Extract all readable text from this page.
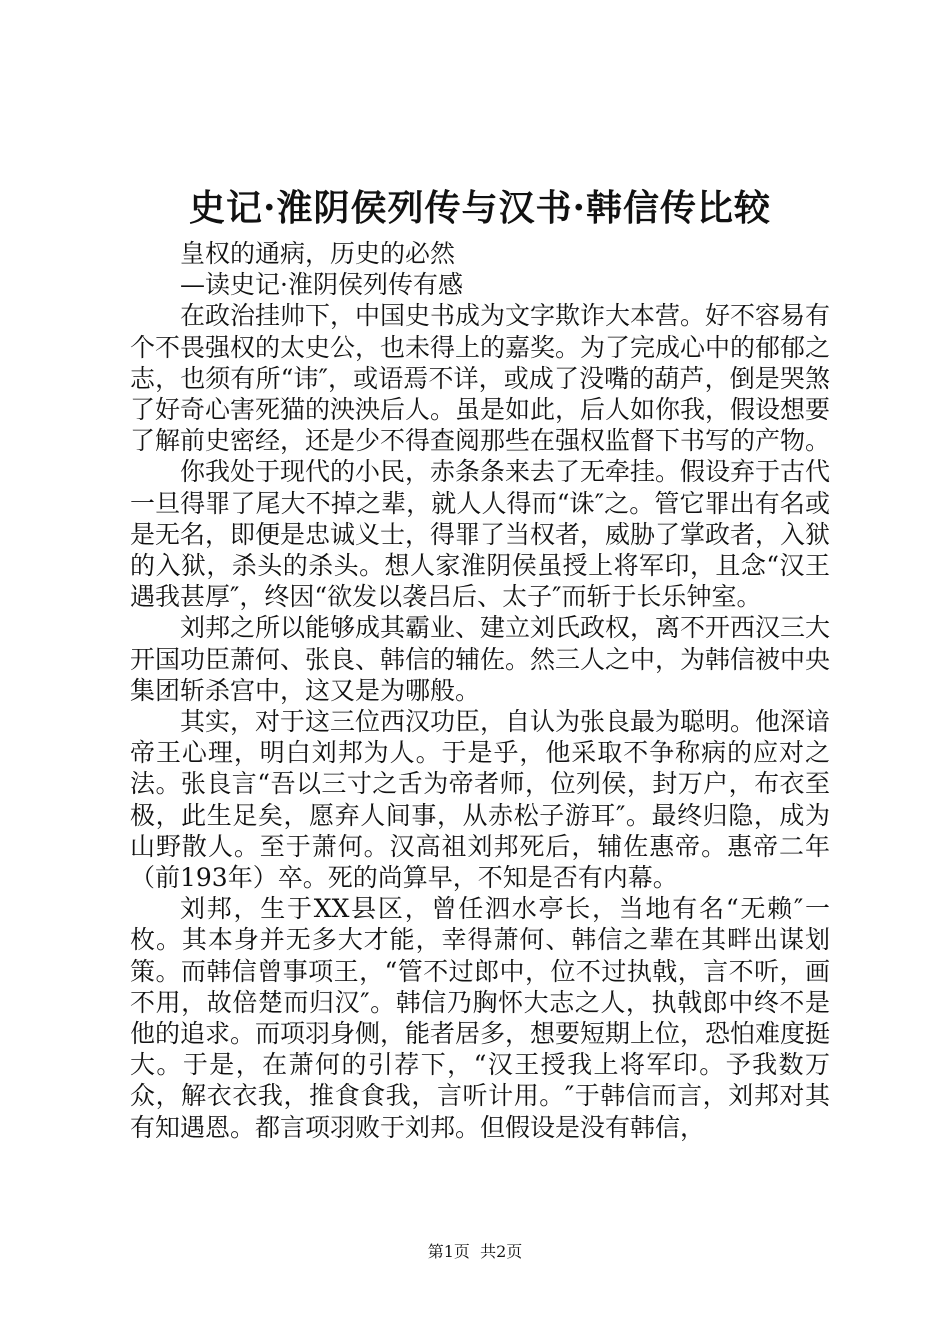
史记·淮阴侯列传与汉书·韩信传比较

皇权的通病，历史的必然

—读史记·淮阴侯列传有感

在政治挂帅下，中国史书成为文字欺诈大本营。好不容易有个不畏强权的太史公，也未得上的嘉奖。为了完成心中的郁郁之志，也须有所“讳″，或语焉不详，或成了没嘴的葫芦，倒是哭煞了好奇心害死猫的泱泱后人。虽是如此，后人如你我，假设想要了解前史密经，还是少不得查阅那些在强权监督下书写的产物。

你我处于现代的小民，赤条条来去了无牵挂。假设弃于古代一旦得罪了尾大不掉之辈，就人人得而“诛″之。管它罪出有名或是无名，即便是忠诚义士，得罪了当权者，威胁了掌政者，入狱的入狱，杀头的杀头。想人家淮阴侯虽授上将军印，且念“汉王遇我甚厚″，终因“欲发以袭吕后、太子″而斩于长乐钟室。

刘邦之所以能够成其霸业、建立刘氏政权，离不开西汉三大开国功臣萧何、张良、韩信的辅佐。然三人之中，为韩信被中央集团斩杀宫中，这又是为哪般。

其实，对于这三位西汉功臣，自认为张良最为聪明。他深谙帝王心理，明白刘邦为人。于是乎，他采取不争称病的应对之法。张良言“吾以三寸之舌为帝者师，位列侯，封万户，布衣至极，此生足矣，愿弃人间事，从赤松子游耳″。最终归隐，成为山野散人。至于萧何。汉高祖刘邦死后，辅佐惠帝。惠帝二年（前193年）卒。死的尚算早，不知是否有内幕。

刘邦，生于XX县区，曾任泗水亭长，当地有名“无赖″一枚。其本身并无多大才能，幸得萧何、韩信之辈在其畔出谋划策。而韩信曾事项王，“管不过郎中，位不过执戟，言不听，画不用，故倍楚而归汉″。韩信乃胸怀大志之人，执戟郎中终不是他的追求。而项羽身侧，能者居多，想要短期上位，恐怕难度挺大。于是，在萧何的引荐下，“汉王授我上将军印。予我数万众，解衣衣我，推食食我，言听计用。″于韩信而言，刘邦对其有知遇恩。都言项羽败于刘邦。但假设是没有韩信，

第1页  共2页
